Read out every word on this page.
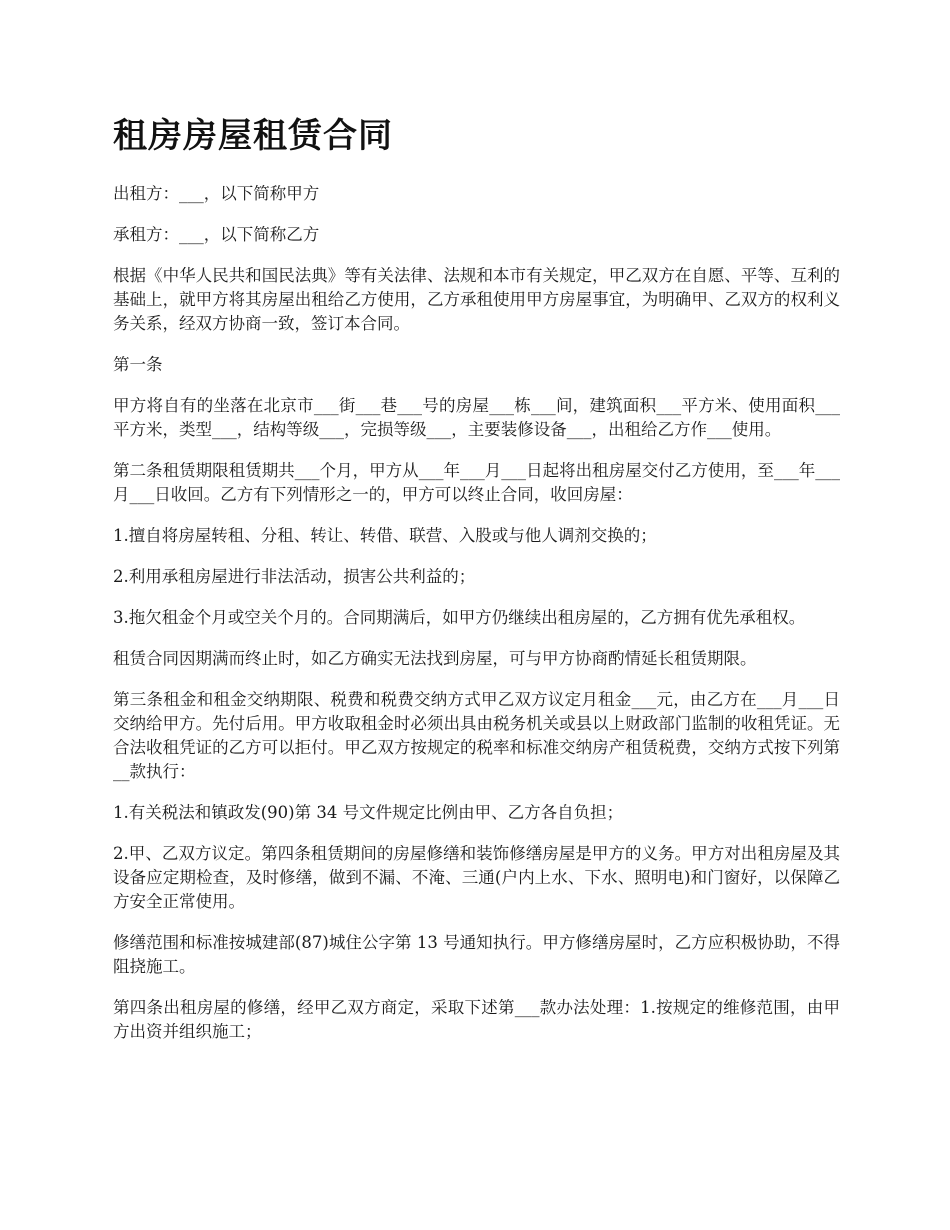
租房房屋租赁合同

出租方：___，以下简称甲方

承租方：___，以下简称乙方

根据《中华人民共和国民法典》等有关法律、法规和本市有关规定，甲乙双方在自愿、平等、互利的基础上，就甲方将其房屋出租给乙方使用，乙方承租使用甲方房屋事宜，为明确甲、乙双方的权利义务关系，经双方协商一致，签订本合同。

第一条

甲方将自有的坐落在北京市___街___巷___号的房屋___栋___间，建筑面积___平方米、使用面积___平方米，类型___，结构等级___，完损等级___，主要装修设备___，出租给乙方作___使用。

第二条租赁期限租赁期共___个月，甲方从___年___月___日起将出租房屋交付乙方使用，至___年___月___日收回。乙方有下列情形之一的，甲方可以终止合同，收回房屋：

1.擅自将房屋转租、分租、转让、转借、联营、入股或与他人调剂交换的；

2.利用承租房屋进行非法活动，损害公共利益的；

3.拖欠租金个月或空关个月的。合同期满后，如甲方仍继续出租房屋的，乙方拥有优先承租权。

租赁合同因期满而终止时，如乙方确实无法找到房屋，可与甲方协商酌情延长租赁期限。

第三条租金和租金交纳期限、税费和税费交纳方式甲乙双方议定月租金___元，由乙方在___月___日交纳给甲方。先付后用。甲方收取租金时必须出具由税务机关或县以上财政部门监制的收租凭证。无合法收租凭证的乙方可以拒付。甲乙双方按规定的税率和标准交纳房产租赁税费，交纳方式按下列第__款执行：

1.有关税法和镇政发(90)第 34 号文件规定比例由甲、乙方各自负担；

2.甲、乙双方议定。第四条租赁期间的房屋修缮和装饰修缮房屋是甲方的义务。甲方对出租房屋及其设备应定期检查，及时修缮，做到不漏、不淹、三通(户内上水、下水、照明电)和门窗好，以保障乙方安全正常使用。

修缮范围和标准按城建部(87)城住公字第 13 号通知执行。甲方修缮房屋时，乙方应积极协助，不得阻挠施工。

第四条出租房屋的修缮，经甲乙双方商定，采取下述第___款办法处理：1.按规定的维修范围，由甲方出资并组织施工；
